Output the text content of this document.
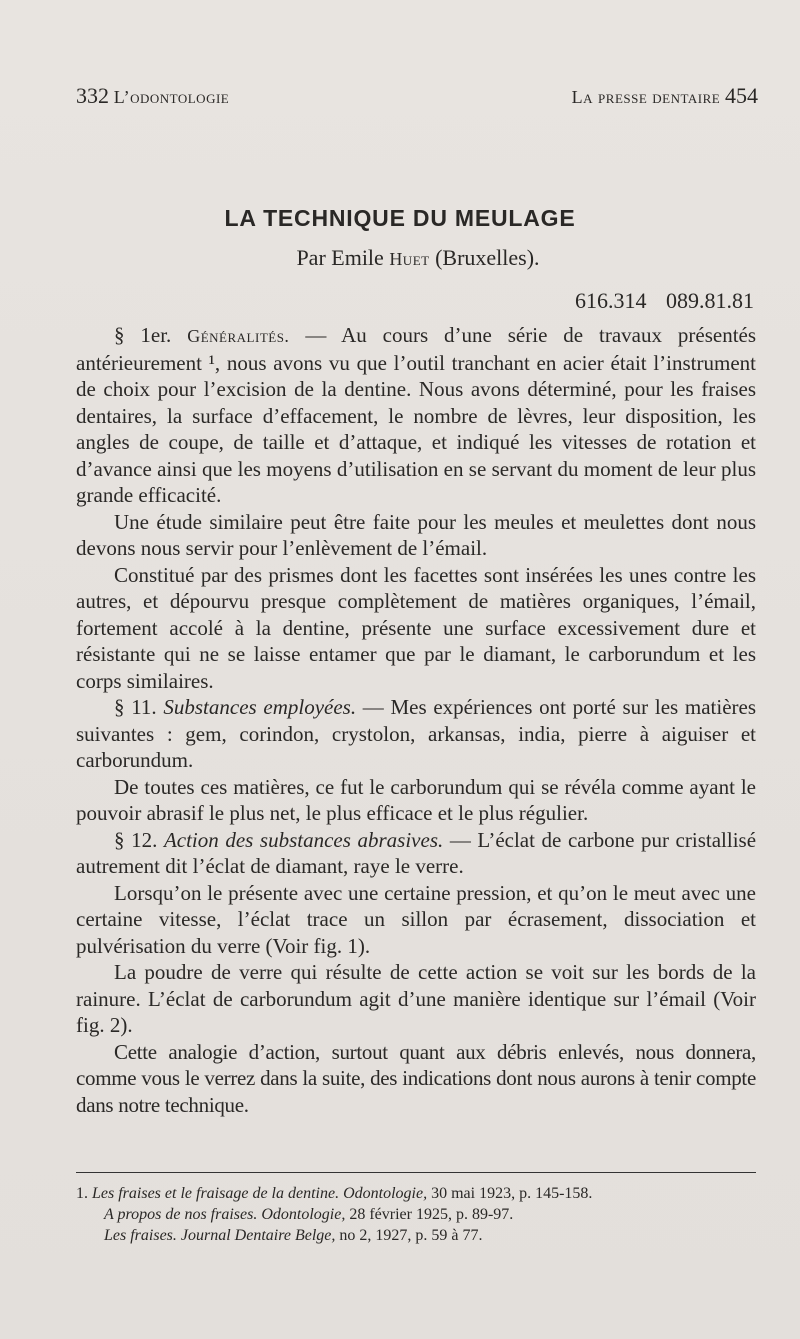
332 L’odontologie	La presse dentaire 454
LA TECHNIQUE DU MEULAGE
Par Emile Huet (Bruxelles).
616.314 089.81.81

§ 1er. Généralités. — Au cours d’une série de travaux présentés antérieurement ¹, nous avons vu que l’outil tranchant en acier était l’instrument de choix pour l’excision de la dentine. Nous avons déterminé, pour les fraises dentaires, la surface d’effacement, le nombre de lèvres, leur disposition, les angles de coupe, de taille et d’attaque, et indiqué les vitesses de rotation et d’avance ainsi que les moyens d’utilisation en se servant du moment de leur plus grande efficacité.

Une étude similaire peut être faite pour les meules et meulettes dont nous devons nous servir pour l’enlèvement de l’émail.

Constitué par des prismes dont les facettes sont insérées les unes contre les autres, et dépourvu presque complètement de matières organiques, l’émail, fortement accolé à la dentine, présente une surface excessivement dure et résistante qui ne se laisse entamer que par le diamant, le carborundum et les corps similaires.

§ 11. Substances employées. — Mes expériences ont porté sur les matières suivantes : gem, corindon, crystolon, arkansas, india, pierre à aiguiser et carborundum.

De toutes ces matières, ce fut le carborundum qui se révéla comme ayant le pouvoir abrasif le plus net, le plus efficace et le plus régulier.

§ 12. Action des substances abrasives. — L’éclat de carbone pur cristallisé autrement dit l’éclat de diamant, raye le verre.

Lorsqu’on le présente avec une certaine pression, et qu’on le meut avec une certaine vitesse, l’éclat trace un sillon par écrasement, dissociation et pulvérisation du verre (Voir fig. 1).

La poudre de verre qui résulte de cette action se voit sur les bords de la rainure. L’éclat de carborundum agit d’une manière identique sur l’émail (Voir fig. 2).

Cette analogie d’action, surtout quant aux débris enlevés, nous donnera, comme vous le verrez dans la suite, des indications dont nous aurons à tenir compte dans notre technique.

1. Les fraises et le fraisage de la dentine. Odontologie, 30 mai 1923, p. 145-158.
A propos de nos fraises. Odontologie, 28 février 1925, p. 89-97.
Les fraises. Journal Dentaire Belge, no 2, 1927, p. 59 à 77.
